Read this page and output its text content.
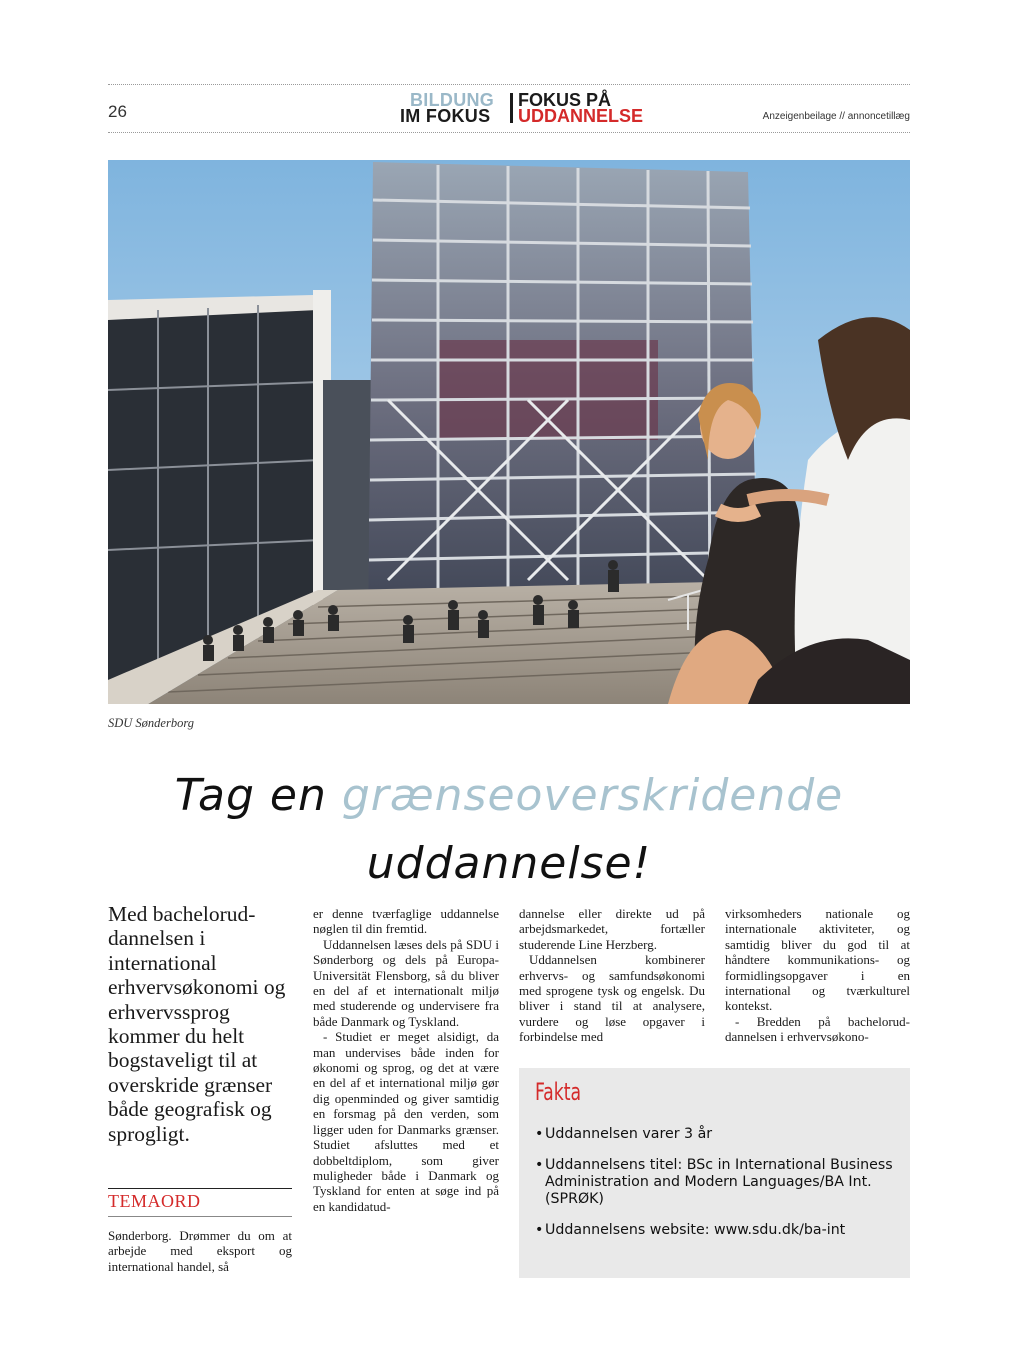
26
BILDUNG
IM FOKUS
FOKUS PÅ
UDDANNELSE	Anzeigenbeilage // annoncetillæg
SDU Sønderborg
Tag en grænseoverskridende
uddannelse!
Med bachelorud-dannelsen i international erhvervsøkonomi og erhvervssprog kommer du helt bogstaveligt til at overskride grænser både geografisk og sprogligt.
TEMAORD

Sønderborg. Drømmer du om at arbejde med eksport og international handel, så

er denne tværfaglige uddannelse nøglen til din fremtid.

Uddannelsen læses dels på SDU i Sønderborg og dels på Europa-Universität Flensborg, så du bliver en del af et internationalt miljø med studerende og undervisere fra både Danmark og Tyskland.

- Studiet er meget alsidigt, da man undervises både inden for økonomi og sprog, og det at være en del af et international miljø gør dig openminded og giver samtidig en forsmag på den verden, som ligger uden for Danmarks grænser. Studiet afsluttes med et dobbeltdiplom, som giver muligheder både i Danmark og Tyskland for enten at søge ind på en kandidatud-

dannelse eller direkte ud på arbejdsmarkedet, fortæller studerende Line Herzberg.

Uddannelsen kombinerer erhvervs- og samfundsøkonomi med sprogene tysk og engelsk. Du bliver i stand til at analysere, vurdere og løse opgaver i forbindelse med

virksomheders nationale og internationale aktiviteter, og samtidig bliver du god til at håndtere kommunikations- og formidlingsopgaver i en international og tværkulturel kontekst.

- Bredden på bachelorud-dannelsen i erhvervsøkono-

Fakta
• Uddannelsen varer 3 år
• Uddannelsens titel: BSc in International Business Administration and Modern Languages/BA Int. (SPRØK)
• Uddannelsens website: www.sdu.dk/ba-int
